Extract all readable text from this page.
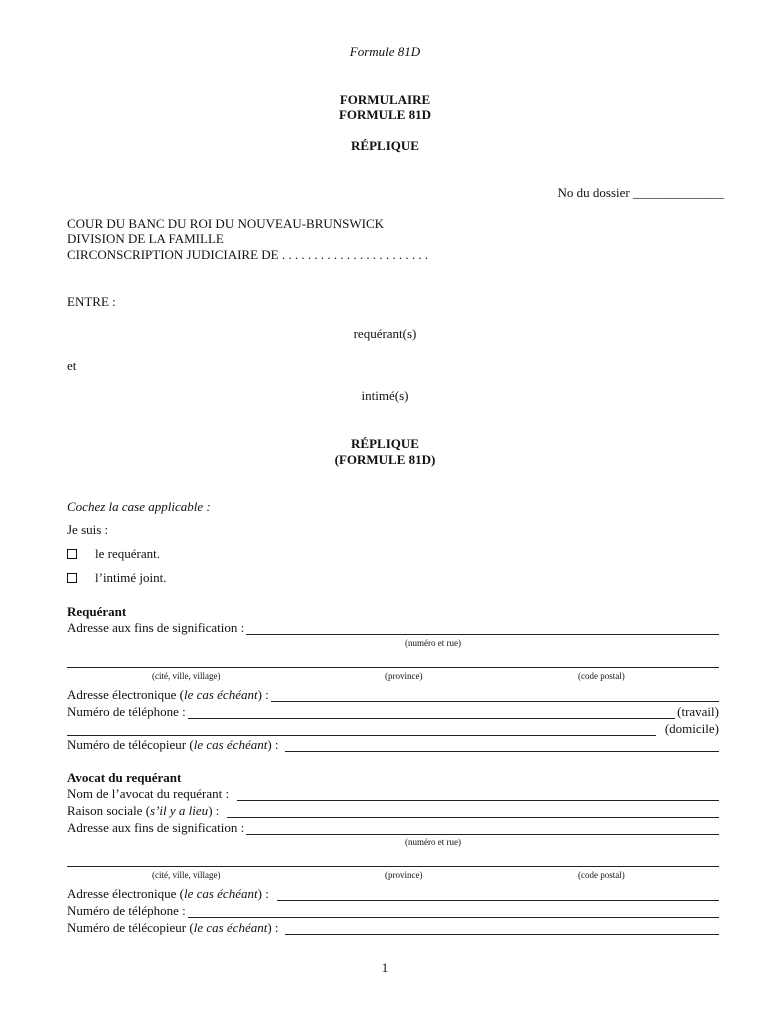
Formule 81D
FORMULAIRE
FORMULE 81D
RÉPLIQUE
No du dossier ______________
COUR DU BANC DU ROI DU NOUVEAU-BRUNSWICK
DIVISION DE LA FAMILLE
CIRCONSCRIPTION JUDICIAIRE DE . . . . . . . . . . . . . . . . . . . . . . .
ENTRE :
requérant(s)
et
intimé(s)
RÉPLIQUE
(FORMULE 81D)
Cochez la case applicable :
Je suis :
le requérant.
l’intimé joint.
Requérant
Adresse aux fins de signification :
(numéro et rue)
(cité, ville, village)	(province)	(code postal)
Adresse électronique (le cas échéant) :
Numéro de téléphone :	(travail)
(domicile)
Numéro de télécopieur (le cas échéant) :
Avocat du requérant
Nom de l’avocat du requérant :
Raison sociale (s’il y a lieu) :
Adresse aux fins de signification :
(numéro et rue)
(cité, ville, village)	(province)	(code postal)
Adresse électronique (le cas échéant) :
Numéro de téléphone :
Numéro de télécopieur (le cas échéant) :
1
